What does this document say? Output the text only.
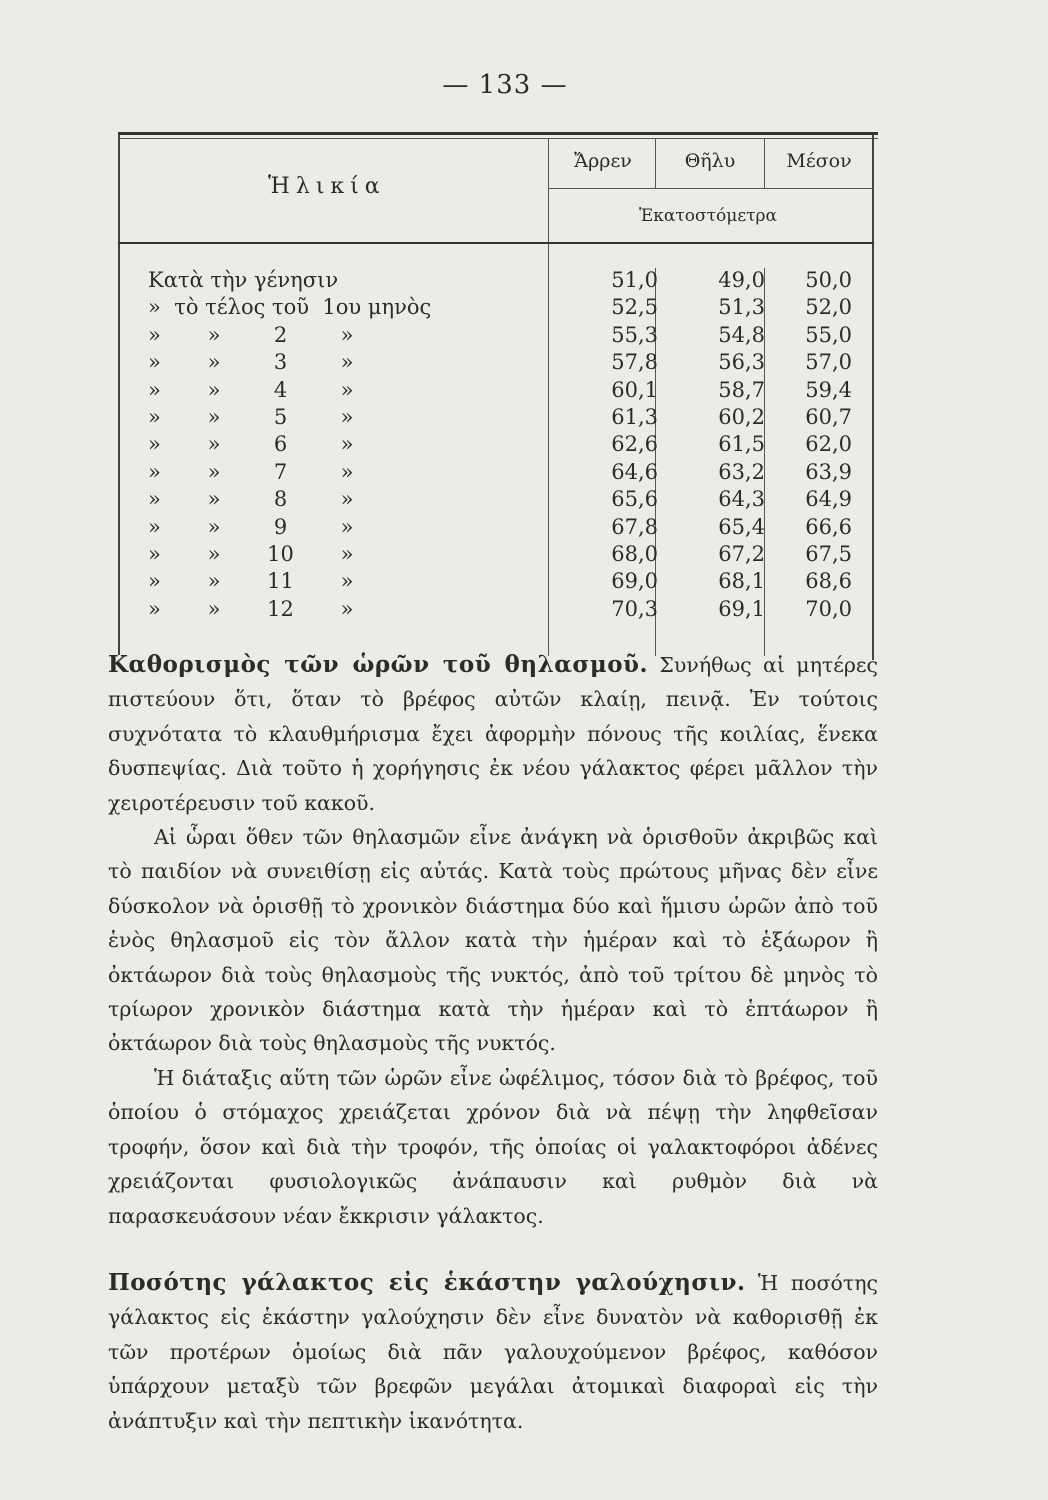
— 133 —
Ἡλικία
Ἄρρεν	Θῆλυ	Μέσον
Ἑκατοστόμετρα
Κατὰ τὴν γένησιν	51,0	49,0	50,0
»  τὸ τέλος τοῦ  1ου μηνὸς	52,5	51,3	52,0
»       »        2        »	55,3	54,8	55,0
»       »        3        »	57,8	56,3	57,0
»       »        4        »	60,1	58,7	59,4
»       »        5        »	61,3	60,2	60,7
»       »        6        »	62,6	61,5	62,0
»       »        7        »	64,6	63,2	63,9
»       »        8        »	65,6	64,3	64,9
»       »        9        »	67,8	65,4	66,6
»       »       10       »	68,0	67,2	67,5
»       »       11       »	69,0	68,1	68,6
»       »       12       »	70,3	69,1	70,0

Καθορισμὸς τῶν ὡρῶν τοῦ θηλασμοῦ. Συνήθως αἱ μητέρες πιστεύουν ὅτι, ὅταν τὸ βρέφος αὐτῶν κλαίῃ, πεινᾷ. Ἐν τούτοις συχνότατα τὸ κλαυθμήρισμα ἔχει ἀφορμὴν πόνους τῆς κοιλίας, ἕνεκα δυσπεψίας. Διὰ τοῦτο ἡ χορήγησις ἐκ νέου γάλακτος φέρει μᾶλλον τὴν χειροτέρευσιν τοῦ κακοῦ.

Αἱ ὧραι ὅθεν τῶν θηλασμῶν εἶνε ἀνάγκη νὰ ὁρισθοῦν ἀκριβῶς καὶ τὸ παιδίον νὰ συνειθίσῃ εἰς αὐτάς. Κατὰ τοὺς πρώτους μῆνας δὲν εἶνε δύσκολον νὰ ὁρισθῇ τὸ χρονικὸν διάστημα δύο καὶ ἥμισυ ὡρῶν ἀπὸ τοῦ ἑνὸς θηλασμοῦ εἰς τὸν ἄλλον κατὰ τὴν ἡμέραν καὶ τὸ ἑξάωρον ἢ ὀκτάωρον διὰ τοὺς θηλασμοὺς τῆς νυκτός, ἀπὸ τοῦ τρίτου δὲ μηνὸς τὸ τρίωρον χρονικὸν διάστημα κατὰ τὴν ἡμέραν καὶ τὸ ἑπτάωρον ἢ ὀκτάωρον διὰ τοὺς θηλασμοὺς τῆς νυκτός.

Ἡ διάταξις αὕτη τῶν ὡρῶν εἶνε ὠφέλιμος, τόσον διὰ τὸ βρέφος, τοῦ ὁποίου ὁ στόμαχος χρειάζεται χρόνον διὰ νὰ πέψῃ τὴν ληφθεῖσαν τροφήν, ὅσον καὶ διὰ τὴν τροφόν, τῆς ὁποίας οἱ γαλακτοφόροι ἀδένες χρειάζονται φυσιολογικῶς ἀνάπαυσιν καὶ ρυθμὸν διὰ νὰ παρασκευάσουν νέαν ἔκκρισιν γάλακτος.

Ποσότης γάλακτος εἰς ἑκάστην γαλούχησιν. Ἡ ποσότης γάλακτος εἰς ἑκάστην γαλούχησιν δὲν εἶνε δυνατὸν νὰ καθορισθῇ ἐκ τῶν προτέρων ὁμοίως διὰ πᾶν γαλουχούμενον βρέφος, καθόσον ὑπάρχουν μεταξὺ τῶν βρεφῶν μεγάλαι ἀτομικαὶ διαφοραὶ εἰς τὴν ἀνάπτυξιν καὶ τὴν πεπτικὴν ἱκανότητα.
